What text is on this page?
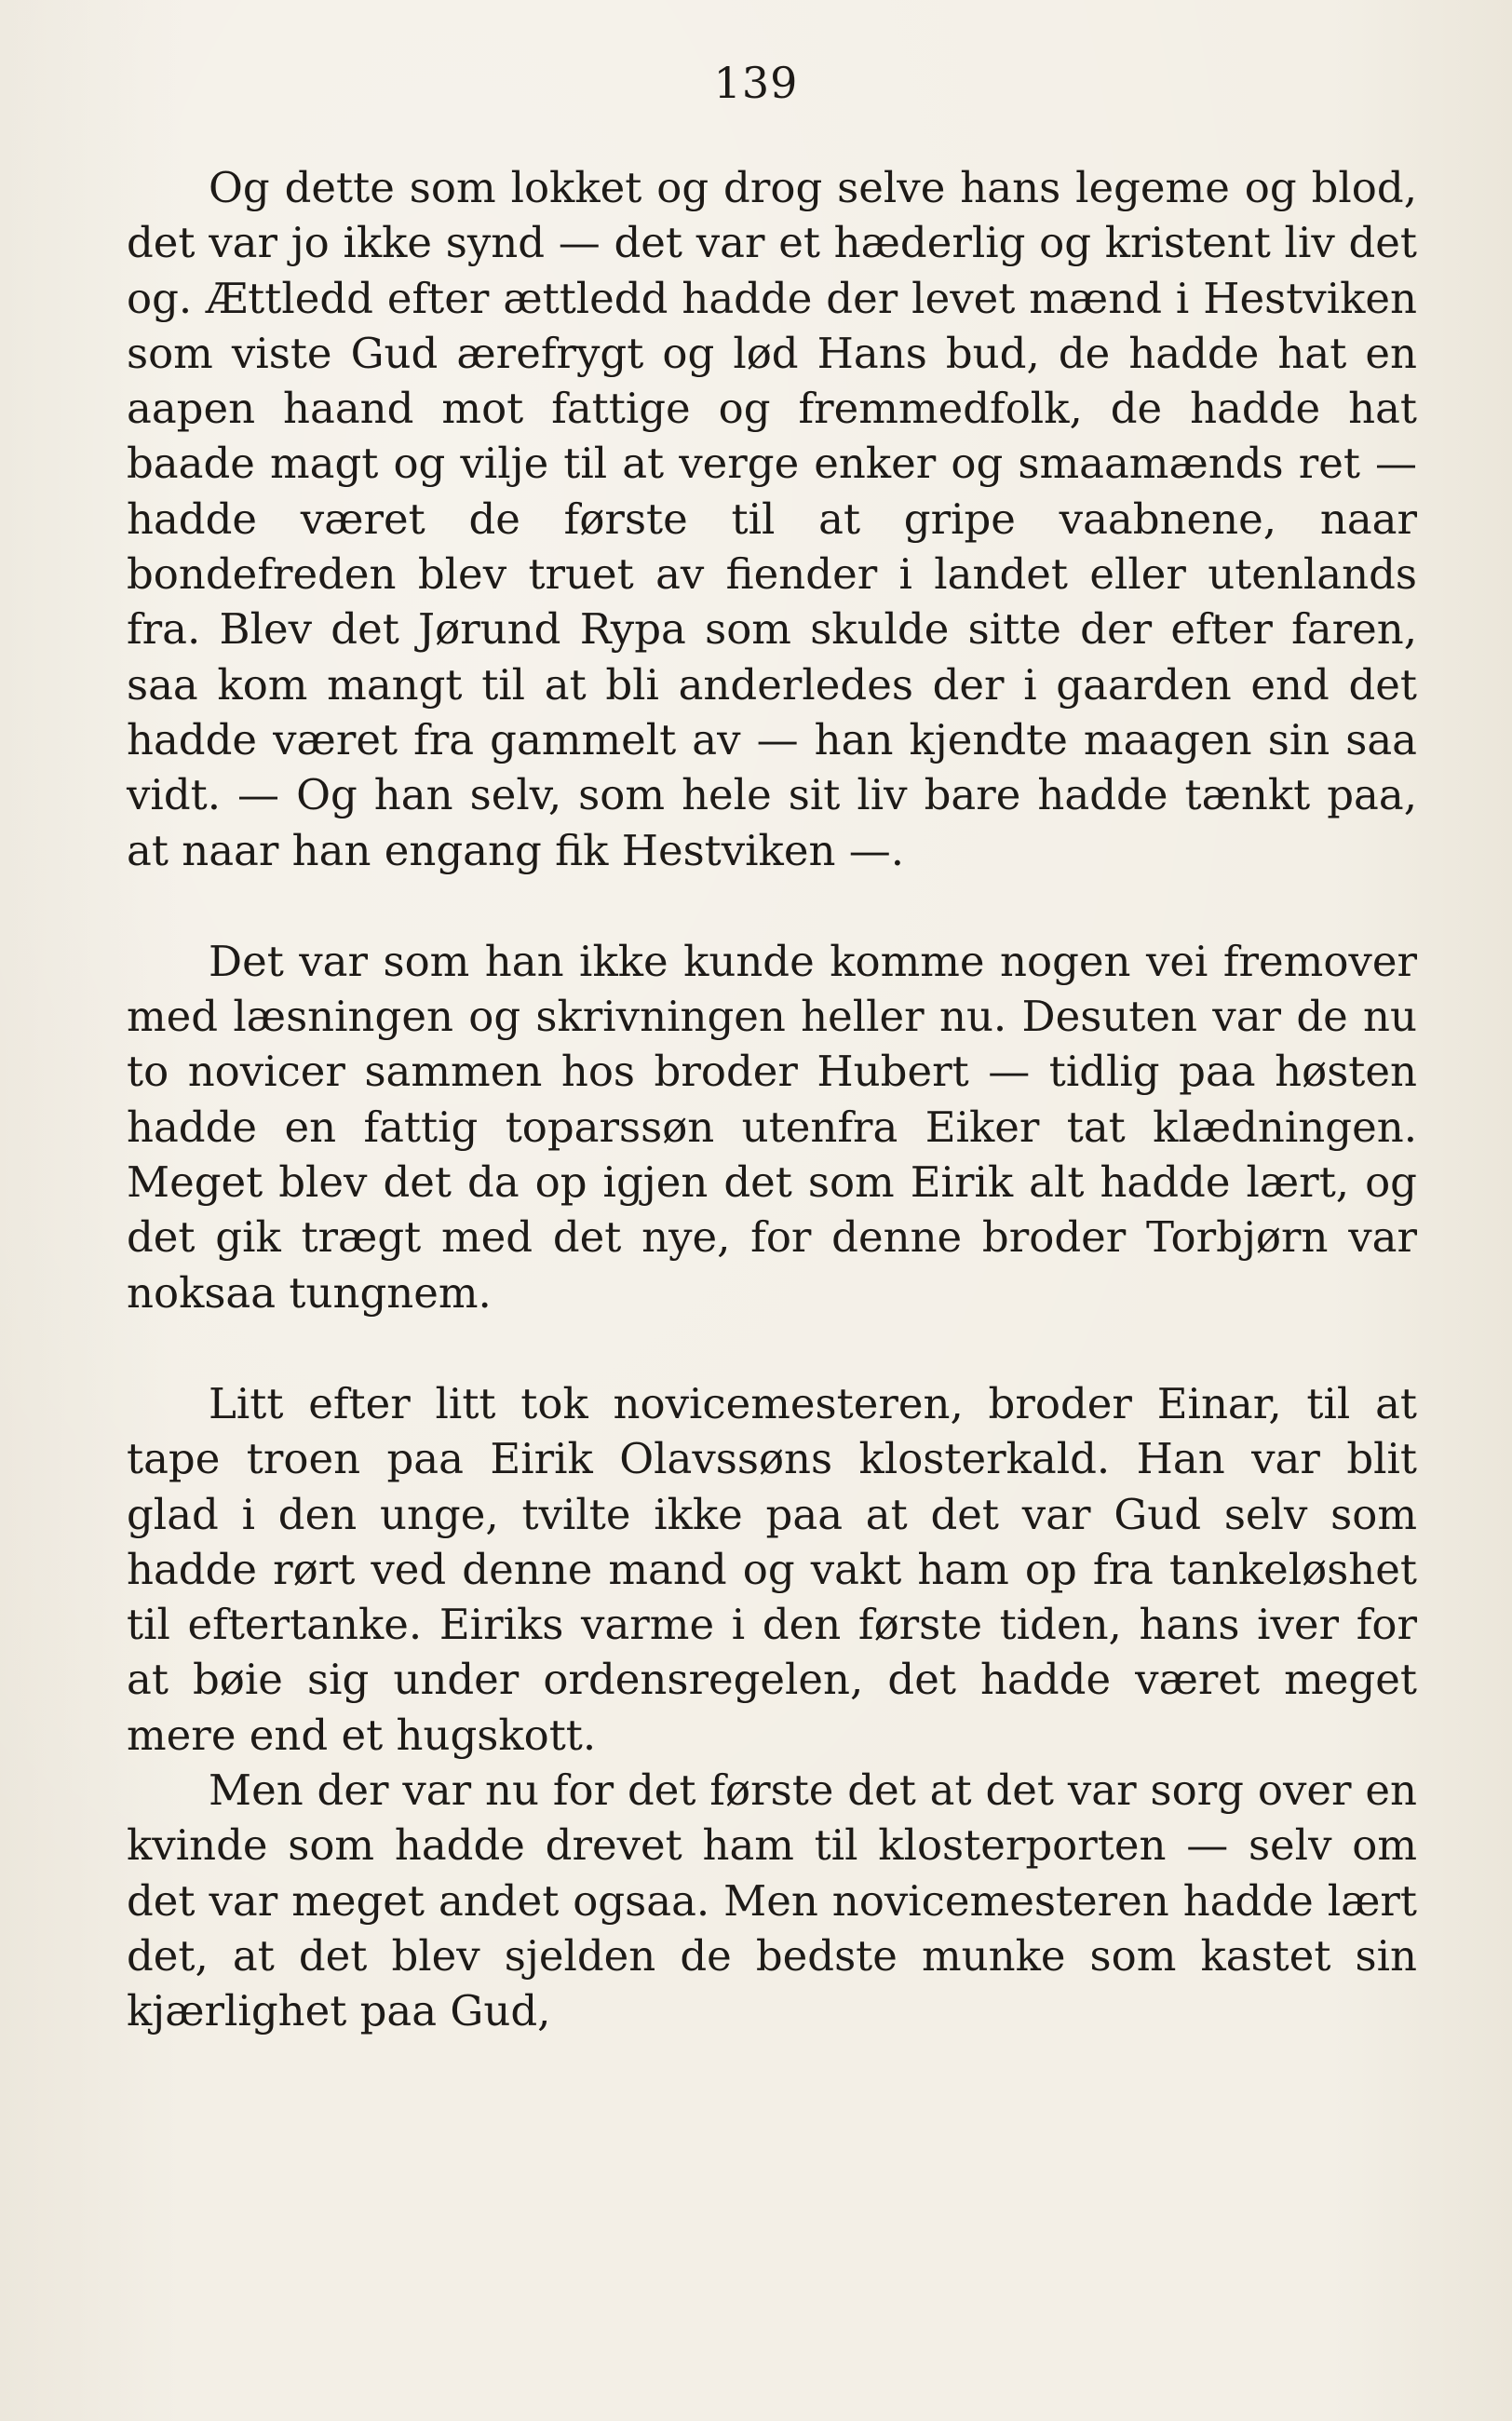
139

Og dette som lokket og drog selve hans legeme og blod, det var jo ikke synd — det var et hæderlig og kristent liv det og. Ættledd efter ættledd hadde der levet mænd i Hestviken som viste Gud ærefrygt og lød Hans bud, de hadde hat en aapen haand mot fattige og fremmedfolk, de hadde hat baade magt og vilje til at verge enker og smaamænds ret — hadde været de første til at gripe vaabnene, naar bondefreden blev truet av fiender i landet eller utenlands fra. Blev det Jørund Rypa som skulde sitte der efter faren, saa kom mangt til at bli anderledes der i gaarden end det hadde været fra gammelt av — han kjendte maagen sin saa vidt. — Og han selv, som hele sit liv bare hadde tænkt paa, at naar han engang fik Hestviken —.

Det var som han ikke kunde komme nogen vei fremover med læsningen og skrivningen heller nu. Desuten var de nu to novicer sammen hos broder Hubert — tidlig paa høsten hadde en fattig toparssøn utenfra Eiker tat klædningen. Meget blev det da op igjen det som Eirik alt hadde lært, og det gik trægt med det nye, for denne broder Torbjørn var noksaa tungnem.

Litt efter litt tok novicemesteren, broder Einar, til at tape troen paa Eirik Olavssøns klosterkald. Han var blit glad i den unge, tvilte ikke paa at det var Gud selv som hadde rørt ved denne mand og vakt ham op fra tankeløshet til eftertanke. Eiriks varme i den første tiden, hans iver for at bøie sig under ordensregelen, det hadde været meget mere end et hugskott.

Men der var nu for det første det at det var sorg over en kvinde som hadde drevet ham til klosterporten — selv om det var meget andet ogsaa. Men novicemesteren hadde lært det, at det blev sjelden de bedste munke som kastet sin kjærlighet paa Gud,
